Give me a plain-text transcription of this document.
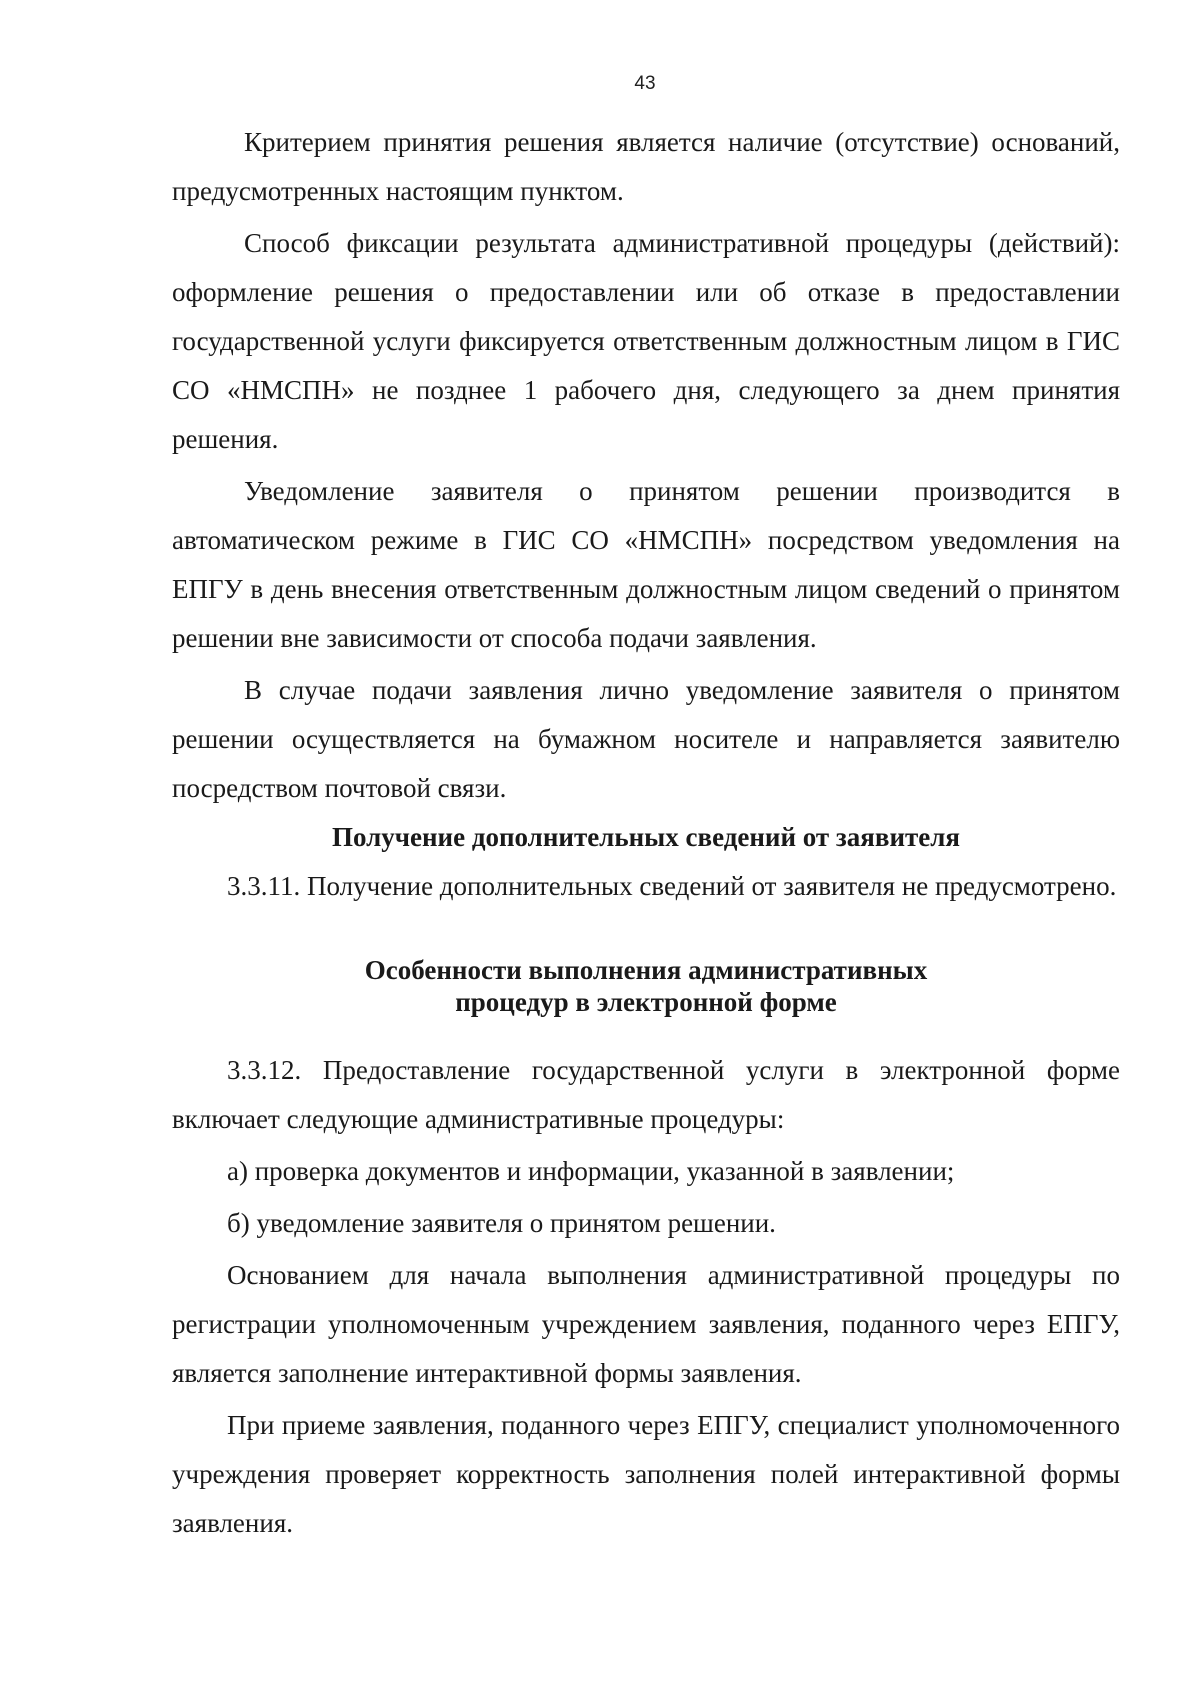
43

Критерием принятия решения является наличие (отсутствие) оснований, предусмотренных настоящим пунктом.

Способ фиксации результата административной процедуры (действий): оформление решения о предоставлении или об отказе в предоставлении государственной услуги фиксируется ответственным должностным лицом в ГИС СО «НМСПН» не позднее 1 рабочего дня, следующего за днем принятия решения.

Уведомление заявителя о принятом решении производится в автоматическом режиме в ГИС СО «НМСПН» посредством уведомления на ЕПГУ в день внесения ответственным должностным лицом сведений о принятом решении вне зависимости от способа подачи заявления.

В случае подачи заявления лично уведомление заявителя о принятом решении осуществляется на бумажном носителе и направляется заявителю посредством почтовой связи.

Получение дополнительных сведений от заявителя

3.3.11. Получение дополнительных сведений от заявителя не предусмотрено.

Особенности выполнения административных
процедур в электронной форме

3.3.12. Предоставление государственной услуги в электронной форме включает следующие административные процедуры:

а) проверка документов и информации, указанной в заявлении;

б) уведомление заявителя о принятом решении.

Основанием для начала выполнения административной процедуры по регистрации уполномоченным учреждением заявления, поданного через ЕПГУ, является заполнение интерактивной формы заявления.

При приеме заявления, поданного через ЕПГУ, специалист уполномоченного учреждения проверяет корректность заполнения полей интерактивной формы заявления.
